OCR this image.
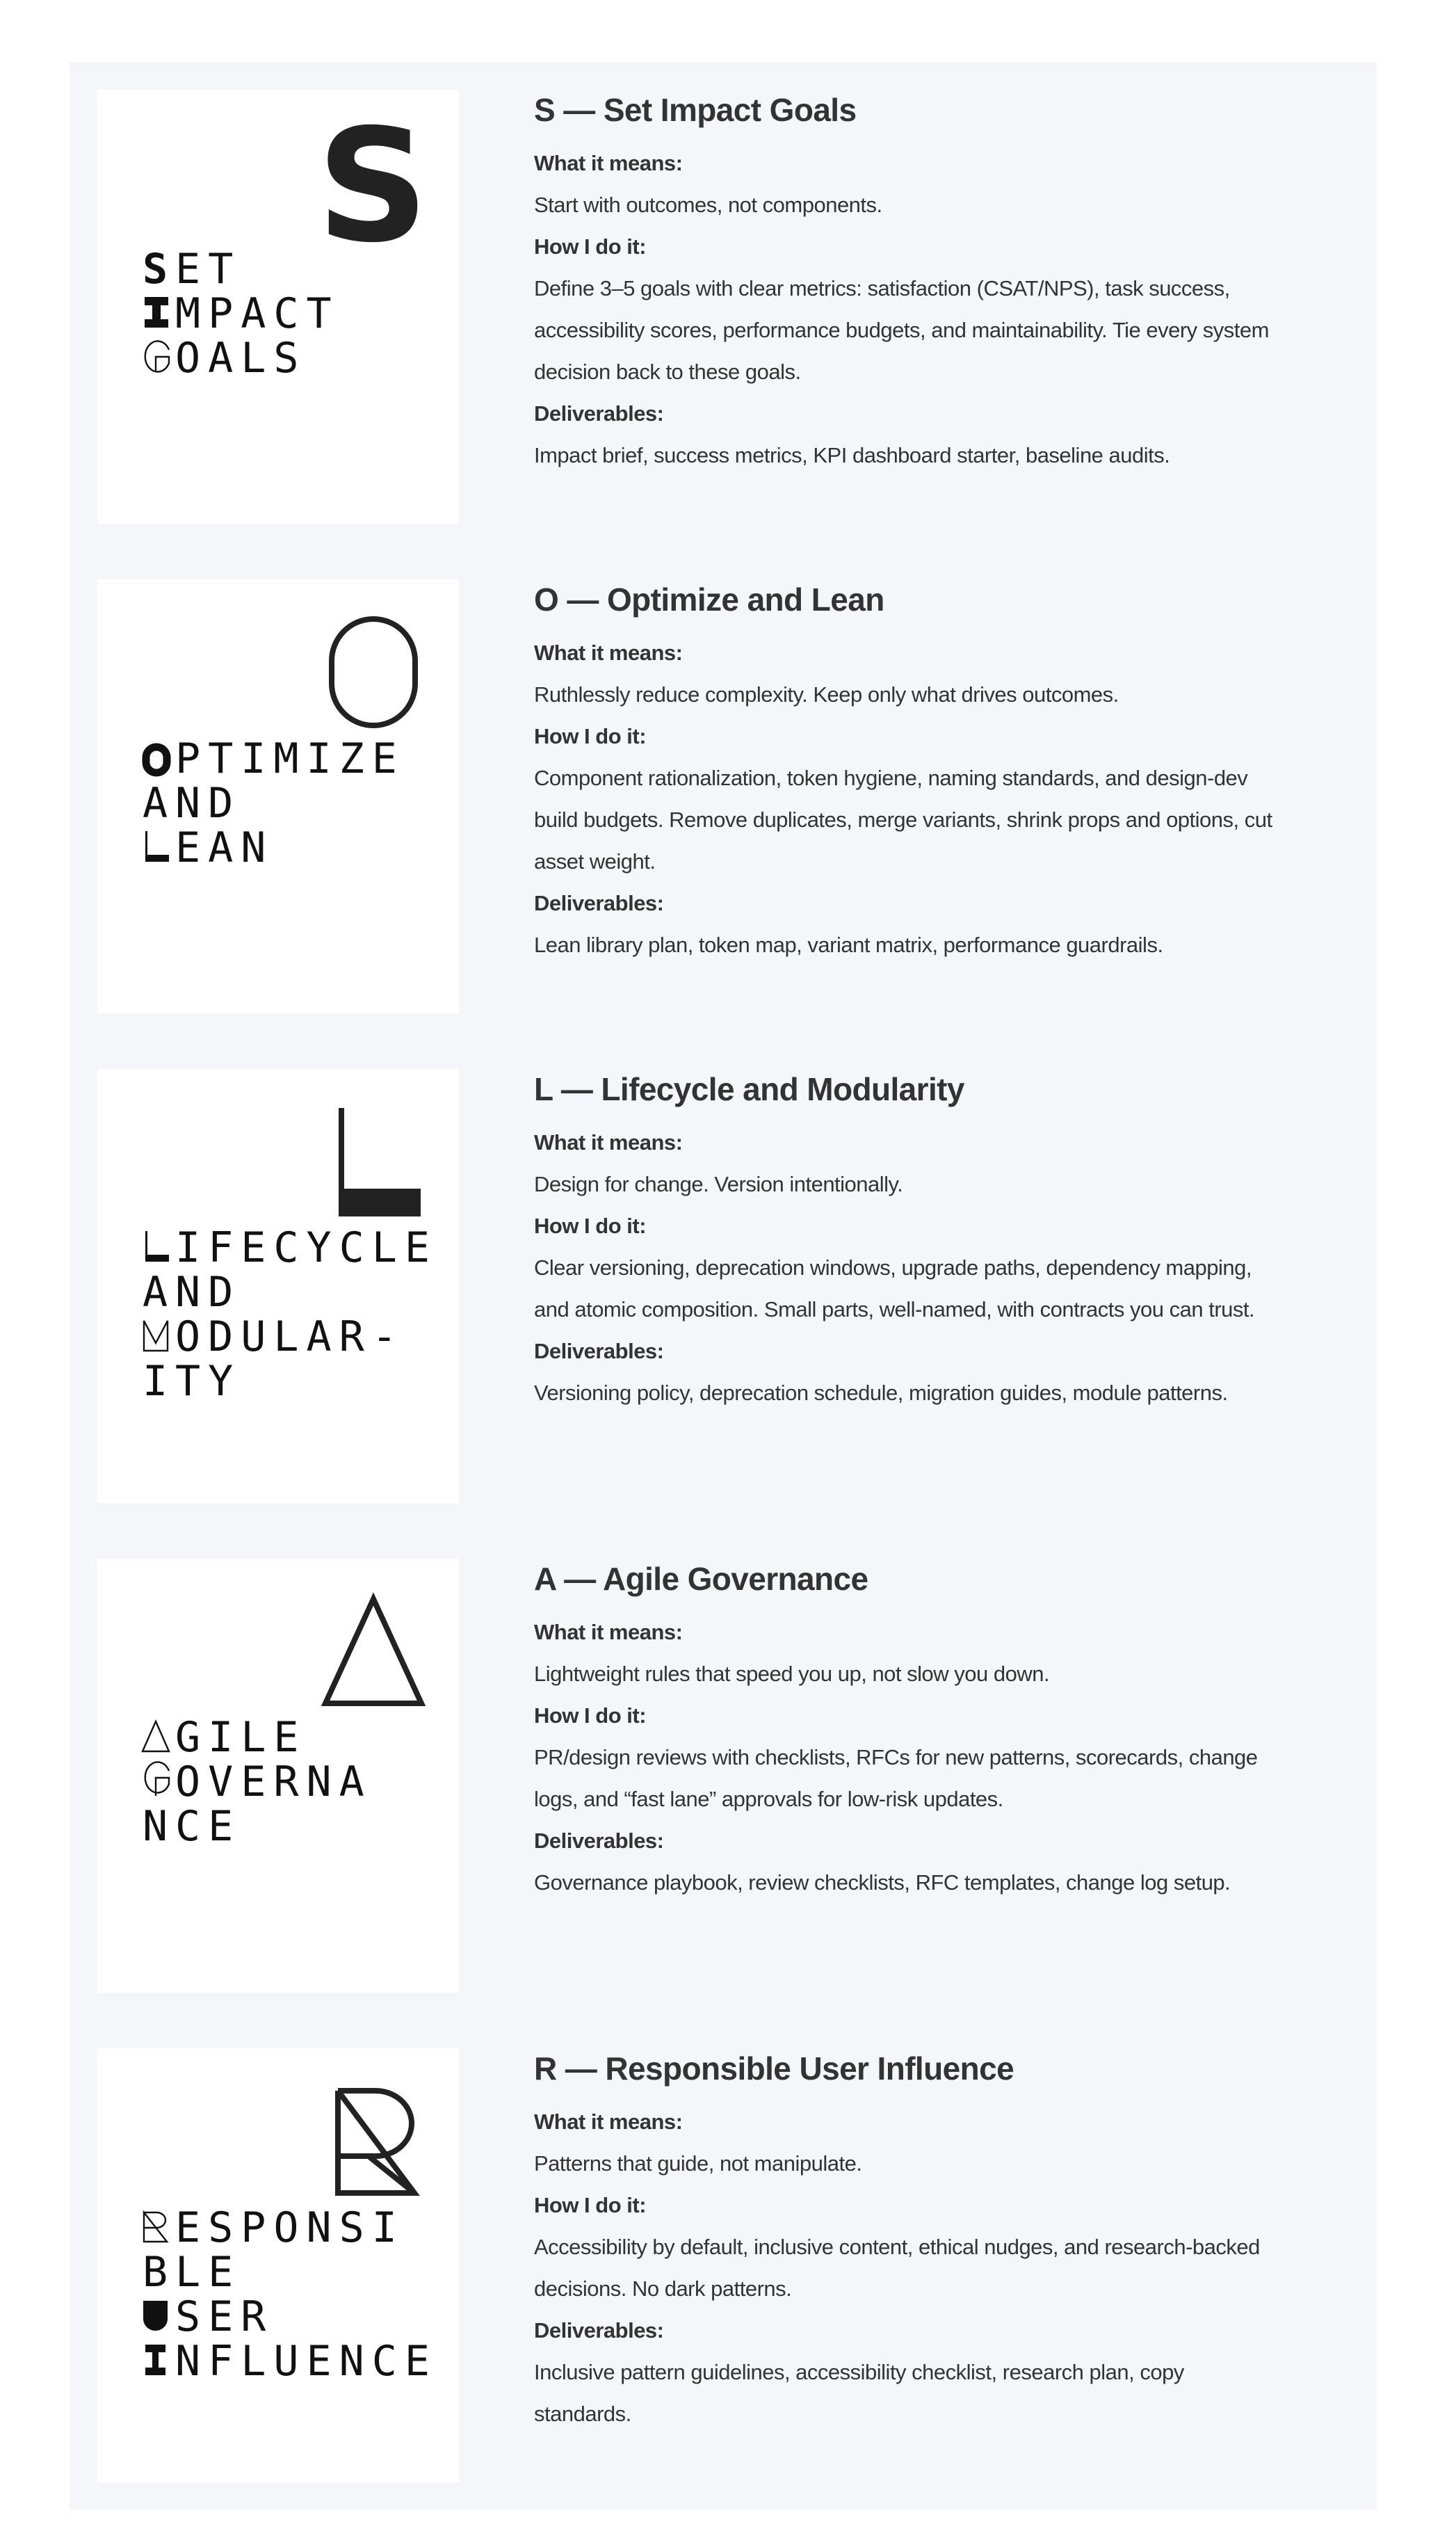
S
S ET
MPACT
OALS
S — Set Impact Goals
What it means:
Start with outcomes, not components.
How I do it:
Define 3–5 goals with clear metrics: satisfaction (CSAT/NPS), task success,
accessibility scores, performance budgets, and maintainability. Tie every system
decision back to these goals.
Deliverables:
Impact brief, success metrics, KPI dashboard starter, baseline audits.
PTIMIZE
A ND
EAN
O — Optimize and Lean
What it means:
Ruthlessly reduce complexity. Keep only what drives outcomes.
How I do it:
Component rationalization, token hygiene, naming standards, and design-dev
build budgets. Remove duplicates, merge variants, shrink props and options, cut
asset weight.
Deliverables:
Lean library plan, token map, variant matrix, performance guardrails.
IFECYCLE
A ND
ODULAR-
I TY
L — Lifecycle and Modularity
What it means:
Design for change. Version intentionally.
How I do it:
Clear versioning, deprecation windows, upgrade paths, dependency mapping,
and atomic composition. Small parts, well-named, with contracts you can trust.
Deliverables:
Versioning policy, deprecation schedule, migration guides, module patterns.
GILE
OVERNA
N CE
A — Agile Governance
What it means:
Lightweight rules that speed you up, not slow you down.
How I do it:
PR/design reviews with checklists, RFCs for new patterns, scorecards, change
logs, and “fast lane” approvals for low-risk updates.
Deliverables:
Governance playbook, review checklists, RFC templates, change log setup.
ESPONSI
B LE
SER
NFLUENCE
R — Responsible User Influence
What it means:
Patterns that guide, not manipulate.
How I do it:
Accessibility by default, inclusive content, ethical nudges, and research-backed
decisions. No dark patterns.
Deliverables:
Inclusive pattern guidelines, accessibility checklist, research plan, copy
standards.
